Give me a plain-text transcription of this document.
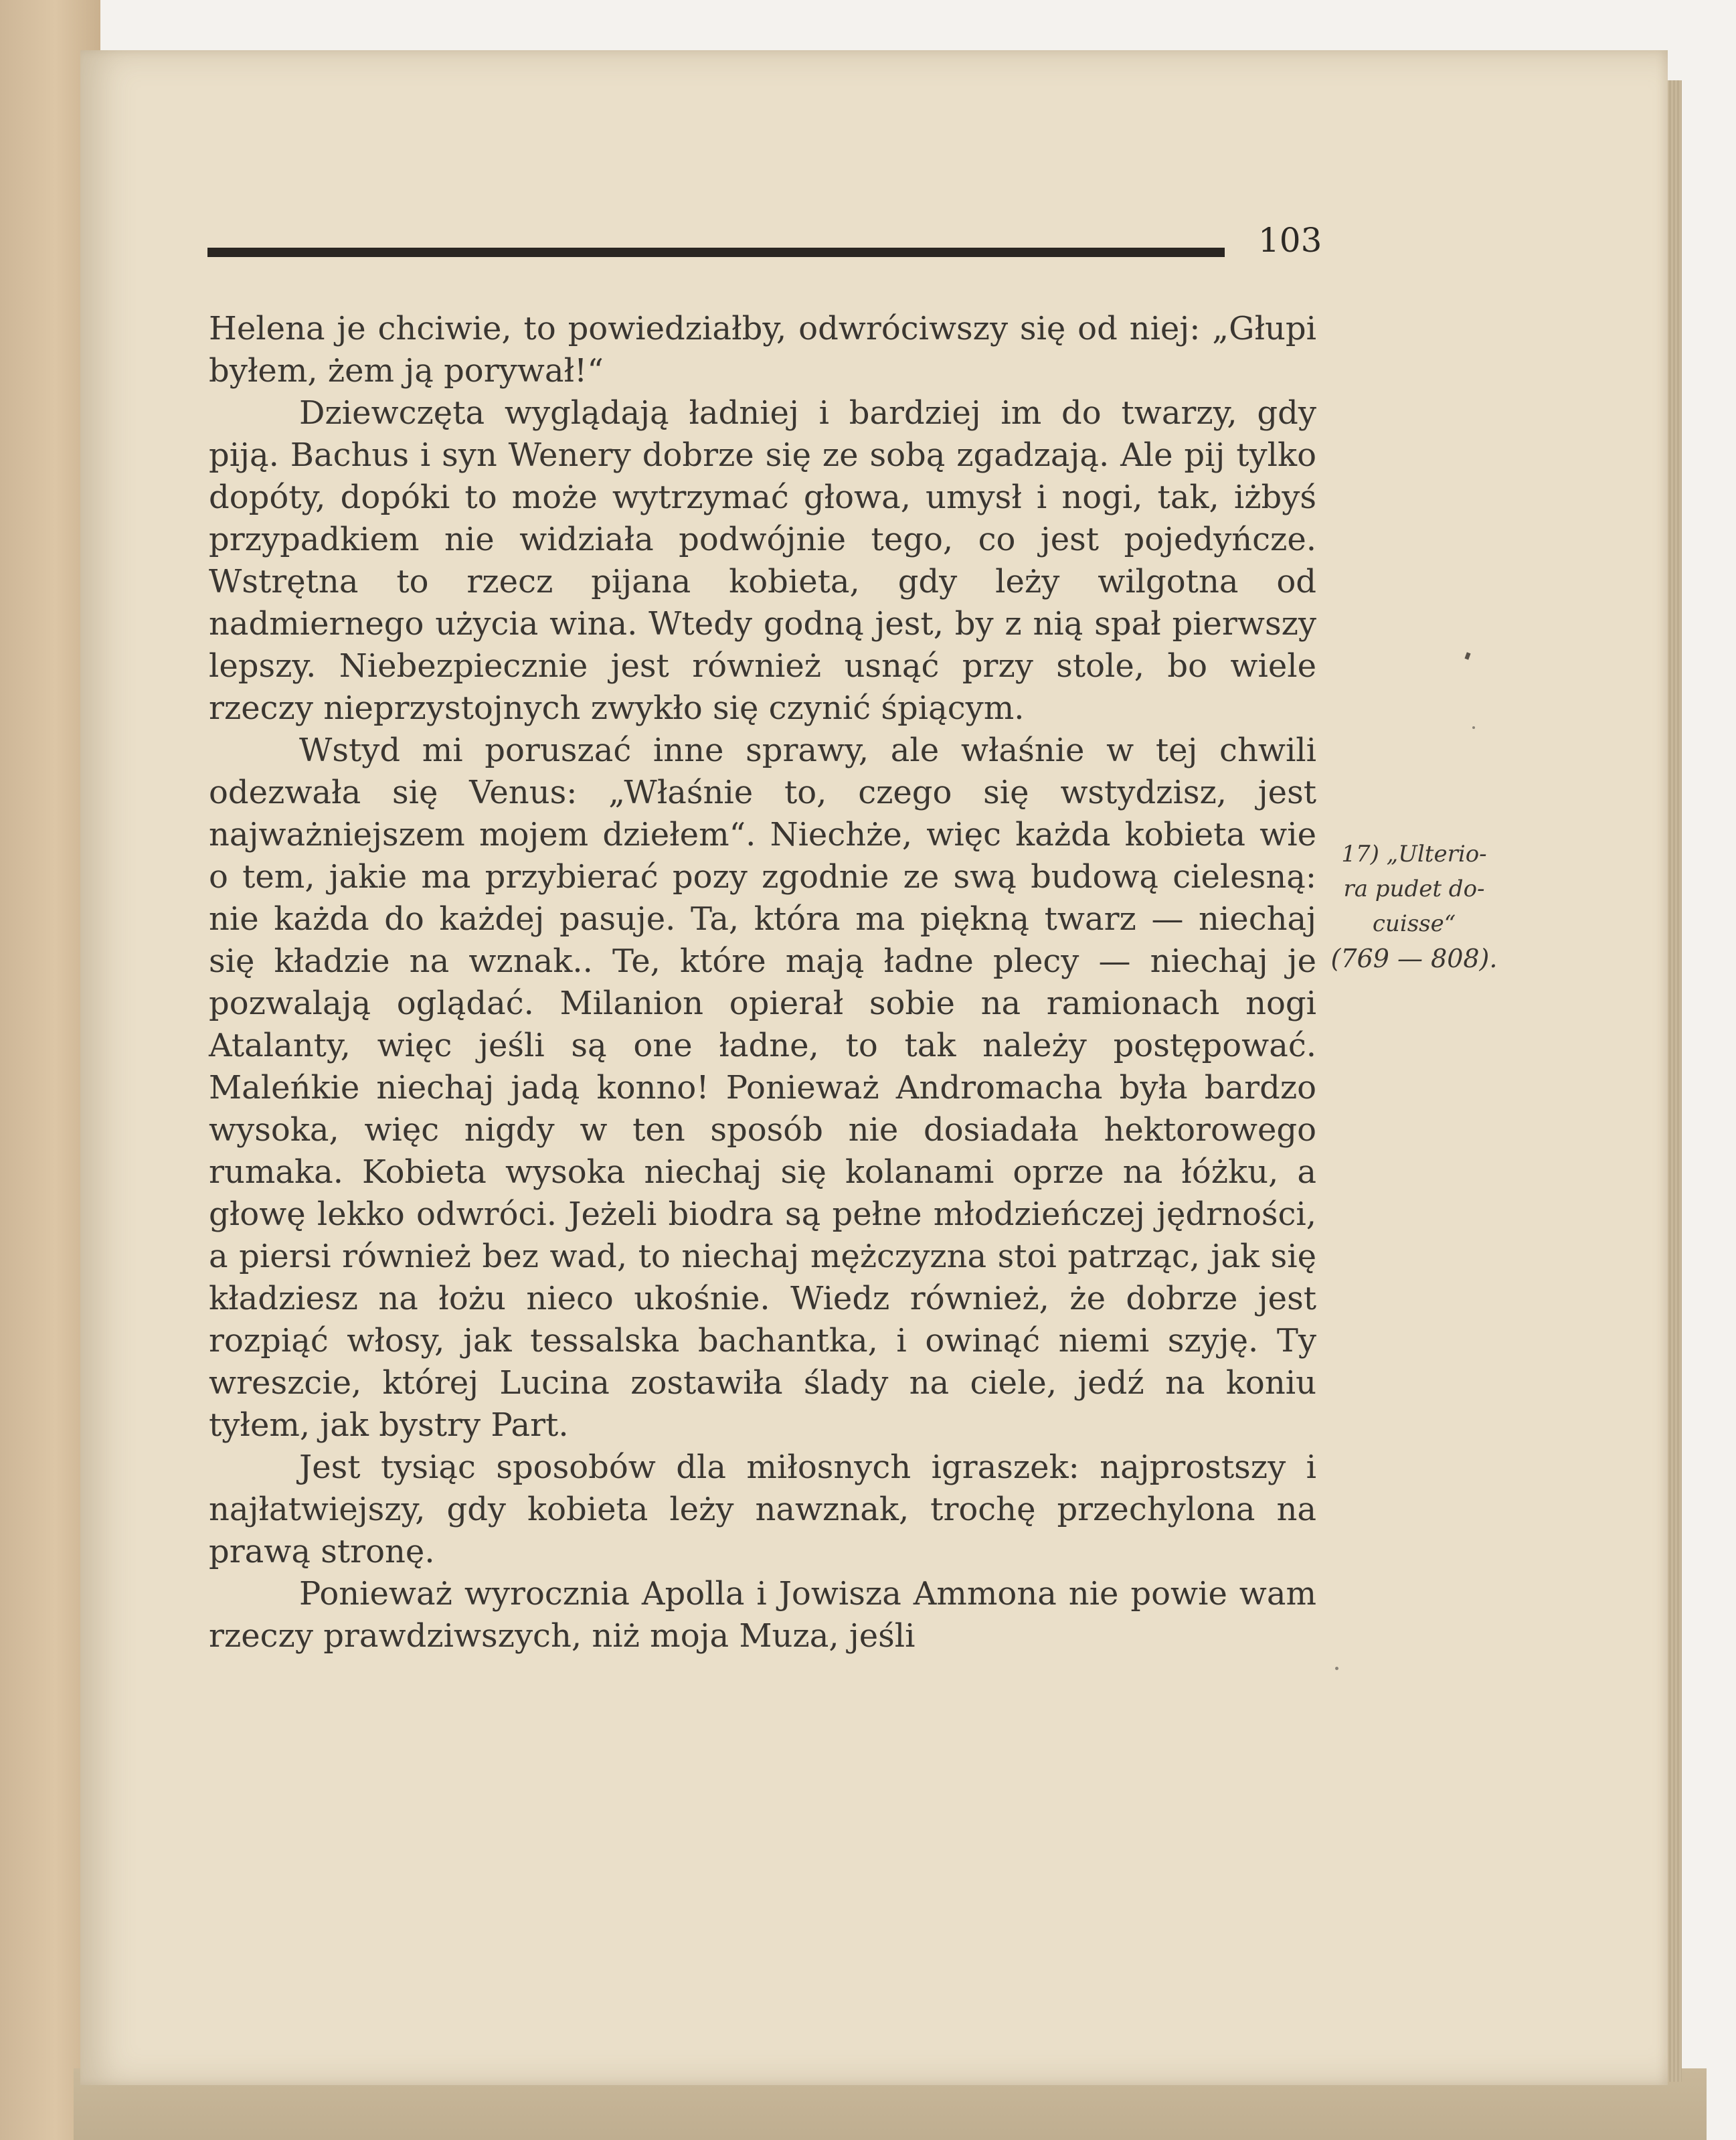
103

Helena je chciwie, to powiedziałby, odwróciwszy się od niej: „Głupi byłem, żem ją porywał!“

Dziewczęta wyglądają ładniej i bardziej im do twarzy, gdy piją. Bachus i syn Wenery dobrze się ze sobą zgadzają. Ale pij tylko dopóty, dopóki to może wytrzymać głowa, umysł i nogi, tak, iżbyś przypadkiem nie widziała podwójnie tego, co jest pojedyńcze. Wstrętna to rzecz pijana kobieta, gdy leży wilgotna od nadmiernego użycia wina. Wtedy godną jest, by z nią spał pierwszy lepszy. Niebezpiecznie jest również usnąć przy stole, bo wiele rzeczy nieprzystojnych zwykło się czynić śpiącym.

Wstyd mi poruszać inne sprawy, ale właśnie w tej chwili odezwała się Venus: „Właśnie to, czego się wstydzisz, jest najważniejszem mojem dziełem“. Niechże, więc każda kobieta wie o tem, jakie ma przybierać pozy zgodnie ze swą budową cielesną: nie każda do każdej pasuje. Ta, która ma piękną twarz — niechaj się kładzie na wznak.. Te, które mają ładne plecy — niechaj je pozwalają oglądać. Milanion opierał sobie na ramionach nogi Atalanty, więc jeśli są one ładne, to tak należy postępować. Maleńkie niechaj jadą konno! Ponieważ Andromacha była bardzo wysoka, więc nigdy w ten sposób nie dosiadała hektorowego rumaka. Kobieta wysoka niechaj się kolanami oprze na łóżku, a głowę lekko odwróci. Jeżeli biodra są pełne młodzieńczej jędrności, a piersi również bez wad, to niechaj mężczyzna stoi patrząc, jak się kładziesz na łożu nieco ukośnie. Wiedz również, że dobrze jest rozpiąć włosy, jak tessalska bachantka, i owinąć niemi szyję. Ty wreszcie, której Lucina zostawiła ślady na ciele, jedź na koniu tyłem, jak bystry Part.

Jest tysiąc sposobów dla miłosnych igraszek: najprostszy i najłatwiejszy, gdy kobieta leży nawznak, trochę przechylona na prawą stronę.

Ponieważ wyrocznia Apolla i Jowisza Ammona nie powie wam rzeczy prawdziwszych, niż moja Muza, jeśli

17) „Ulterio-
ra pudet do-
cuisse“
(769 — 808).
